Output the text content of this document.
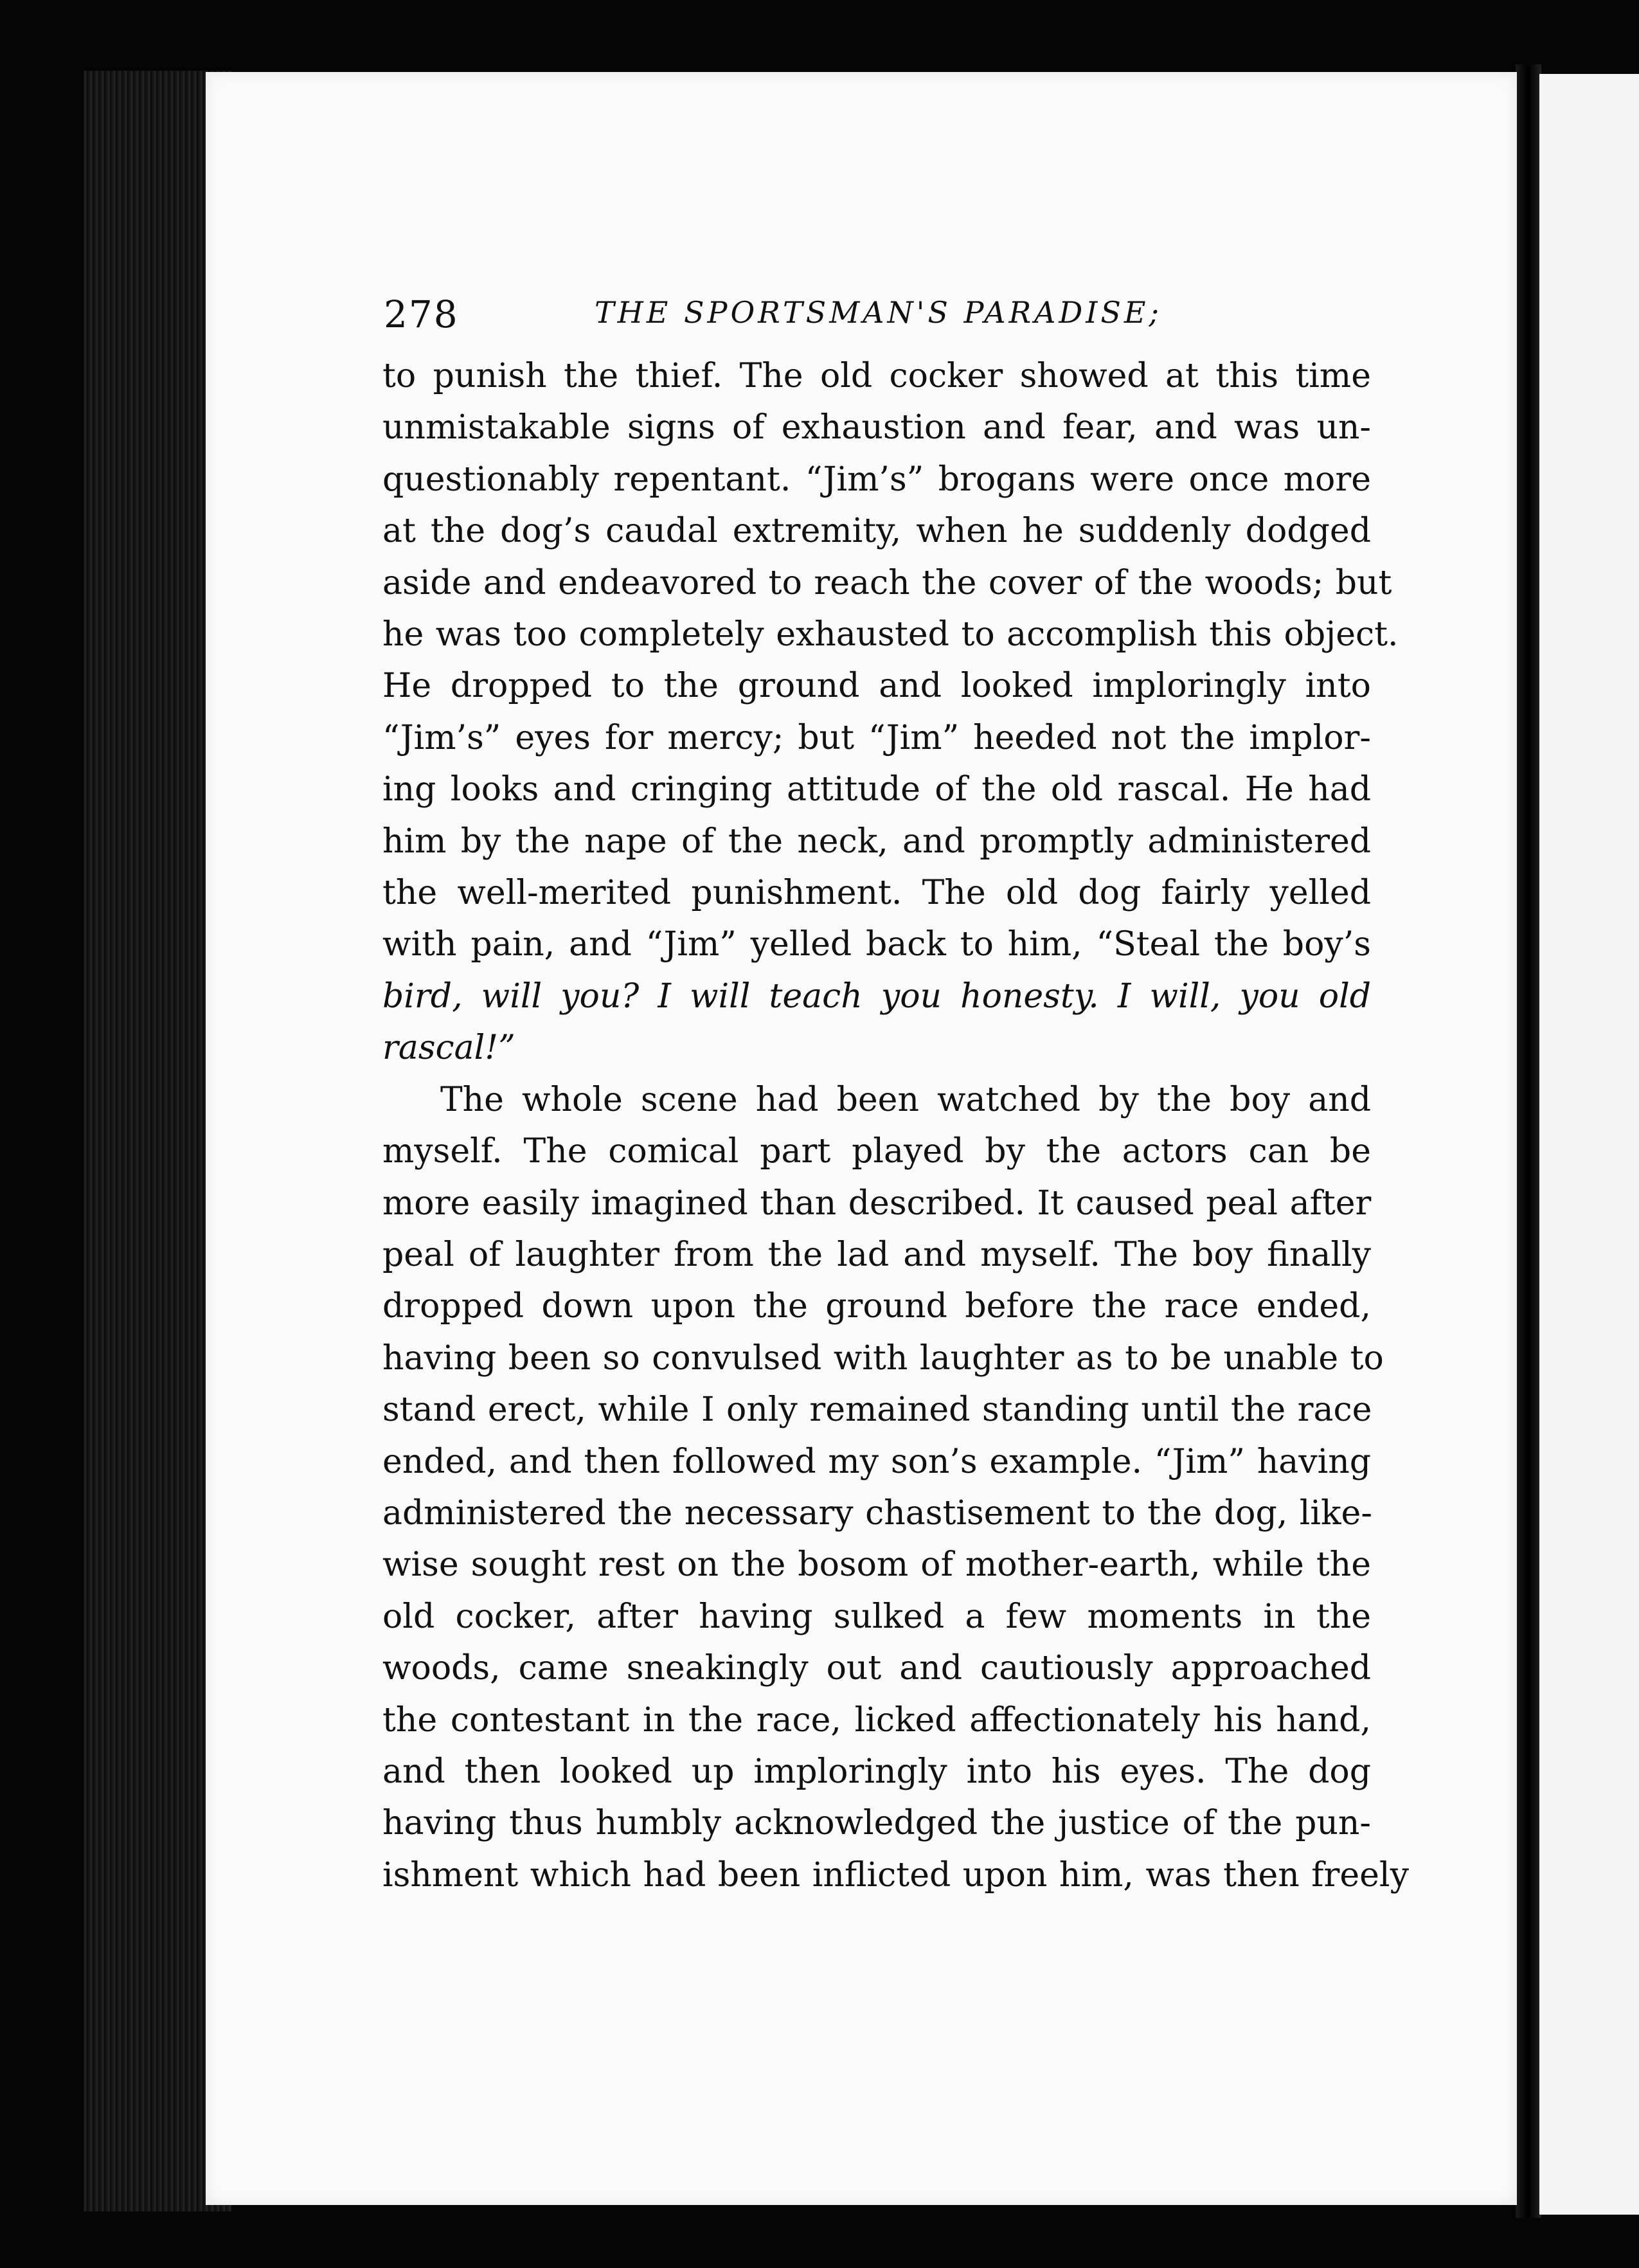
278	THE SPORTSMAN'S PARADISE;

to punish the thief. The old cocker showed at this time
unmistakable signs of exhaustion and fear, and was un-
questionably repentant. “Jim’s” brogans were once more
at the dog’s caudal extremity, when he suddenly dodged
aside and endeavored to reach the cover of the woods; but
he was too completely exhausted to accomplish this object.
He dropped to the ground and looked imploringly into
“Jim’s” eyes for mercy; but “Jim” heeded not the implor-
ing looks and cringing attitude of the old rascal. He had
him by the nape of the neck, and promptly administered
the well-merited punishment. The old dog fairly yelled
with pain, and “Jim” yelled back to him, “Steal the boy’s
bird, will you? I will teach you honesty. I will, you old
rascal!”

The whole scene had been watched by the boy and
myself. The comical part played by the actors can be
more easily imagined than described. It caused peal after
peal of laughter from the lad and myself. The boy finally
dropped down upon the ground before the race ended,
having been so convulsed with laughter as to be unable to
stand erect, while I only remained standing until the race
ended, and then followed my son’s example. “Jim” having
administered the necessary chastisement to the dog, like-
wise sought rest on the bosom of mother-earth, while the
old cocker, after having sulked a few moments in the
woods, came sneakingly out and cautiously approached
the contestant in the race, licked affectionately his hand,
and then looked up imploringly into his eyes. The dog
having thus humbly acknowledged the justice of the pun-
ishment which had been inflicted upon him, was then freely
